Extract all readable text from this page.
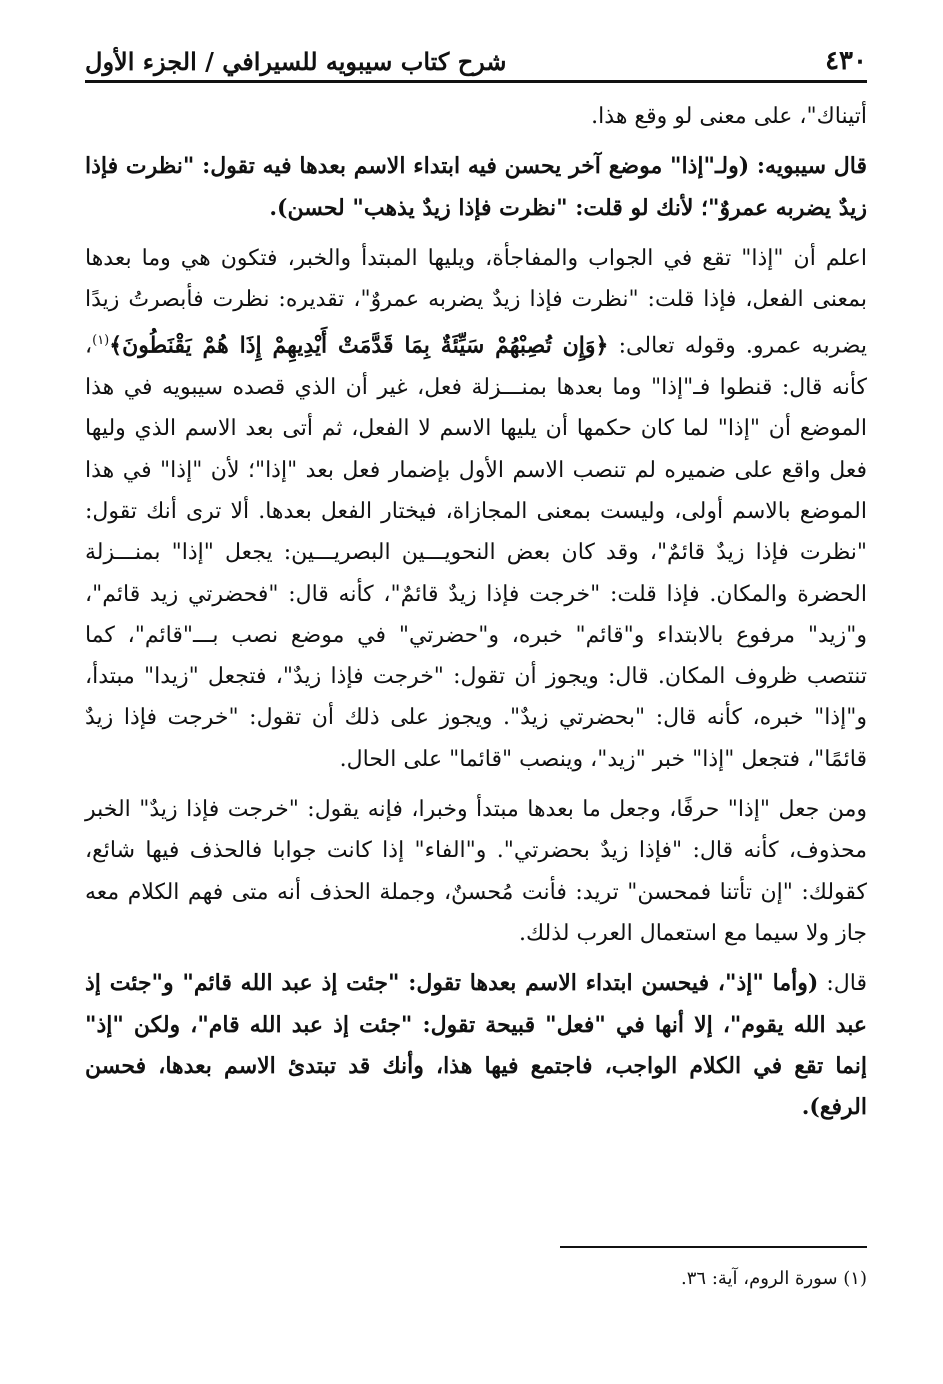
٤٣٠
شرح كتاب سيبويه للسيرافي / الجزء الأول

أتيناك"، على معنى لو وقع هذا.

قال سيبويه: (ولـ"إذا" موضع آخر يحسن فيه ابتداء الاسم بعدها فيه تقول: "نظرت فإذا زيدٌ يضربه عمروٌ"؛ لأنك لو قلت: "نظرت فإذا زيدٌ يذهب" لحسن).

اعلم أن "إذا" تقع في الجواب والمفاجأة، ويليها المبتدأ والخبر، فتكون هي وما بعدها بمعنى الفعل، فإذا قلت: "نظرت فإذا زيدٌ يضربه عمروٌ"، تقديره: نظرت فأبصرتُ زيدًا يضربه عمرو. وقوله تعالى: ﴿وَإِن تُصِبْهُمْ سَيِّئَةٌ بِمَا قَدَّمَتْ أَيْدِيهِمْ إِذَا هُمْ يَقْنَطُونَ﴾$^{(١)}$، كأنه قال: قنطوا فـ"إذا" وما بعدها بمنـــزلة فعل، غير أن الذي قصده سيبويه في هذا الموضع أن "إذا" لما كان حكمها أن يليها الاسم لا الفعل، ثم أتى بعد الاسم الذي وليها فعل واقع على ضميره لم تنصب الاسم الأول بإضمار فعل بعد "إذا"؛ لأن "إذا" في هذا الموضع بالاسم أولى، وليست بمعنى المجازاة، فيختار الفعل بعدها. ألا ترى أنك تقول: "نظرت فإذا زيدٌ قائمٌ"، وقد كان بعض النحويـــين البصريـــين: يجعل "إذا" بمنـــزلة الحضرة والمكان. فإذا قلت: "خرجت فإذا زيدٌ قائمٌ"، كأنه قال: "فحضرتي زيد قائم"، و"زيد" مرفوع بالابتداء و"قائم" خبره، و"حضرتي" في موضع نصب بـــ"قائم"، كما تنتصب ظروف المكان. قال: ويجوز أن تقول: "خرجت فإذا زيدٌ"، فتجعل "زيدا" مبتدأ، و"إذا" خبره، كأنه قال: "بحضرتي زيدٌ". ويجوز على ذلك أن تقول: "خرجت فإذا زيدٌ قائمًا"، فتجعل "إذا" خبر "زيد"، وينصب "قائما" على الحال.

ومن جعل "إذا" حرفًا، وجعل ما بعدها مبتدأ وخبرا، فإنه يقول: "خرجت فإذا زيدٌ" الخبر محذوف، كأنه قال: "فإذا زيدٌ بحضرتي". و"الفاء" إذا كانت جوابا فالحذف فيها شائع، كقولك: "إن تأتنا فمحسن" تريد: فأنت مُحسنٌ، وجملة الحذف أنه متى فهم الكلام معه جاز ولا سيما مع استعمال العرب لذلك.

قال: (وأما "إذ"، فيحسن ابتداء الاسم بعدها تقول: "جئت إذ عبد الله قائم" و"جئت إذ عبد الله يقوم"، إلا أنها في "فعل" قبيحة تقول: "جئت إذ عبد الله قام"، ولكن "إذ" إنما تقع في الكلام الواجب، فاجتمع فيها هذا، وأنك قد تبتدئ الاسم بعدها، فحسن الرفع).

(١) سورة الروم، آية: ٣٦.
